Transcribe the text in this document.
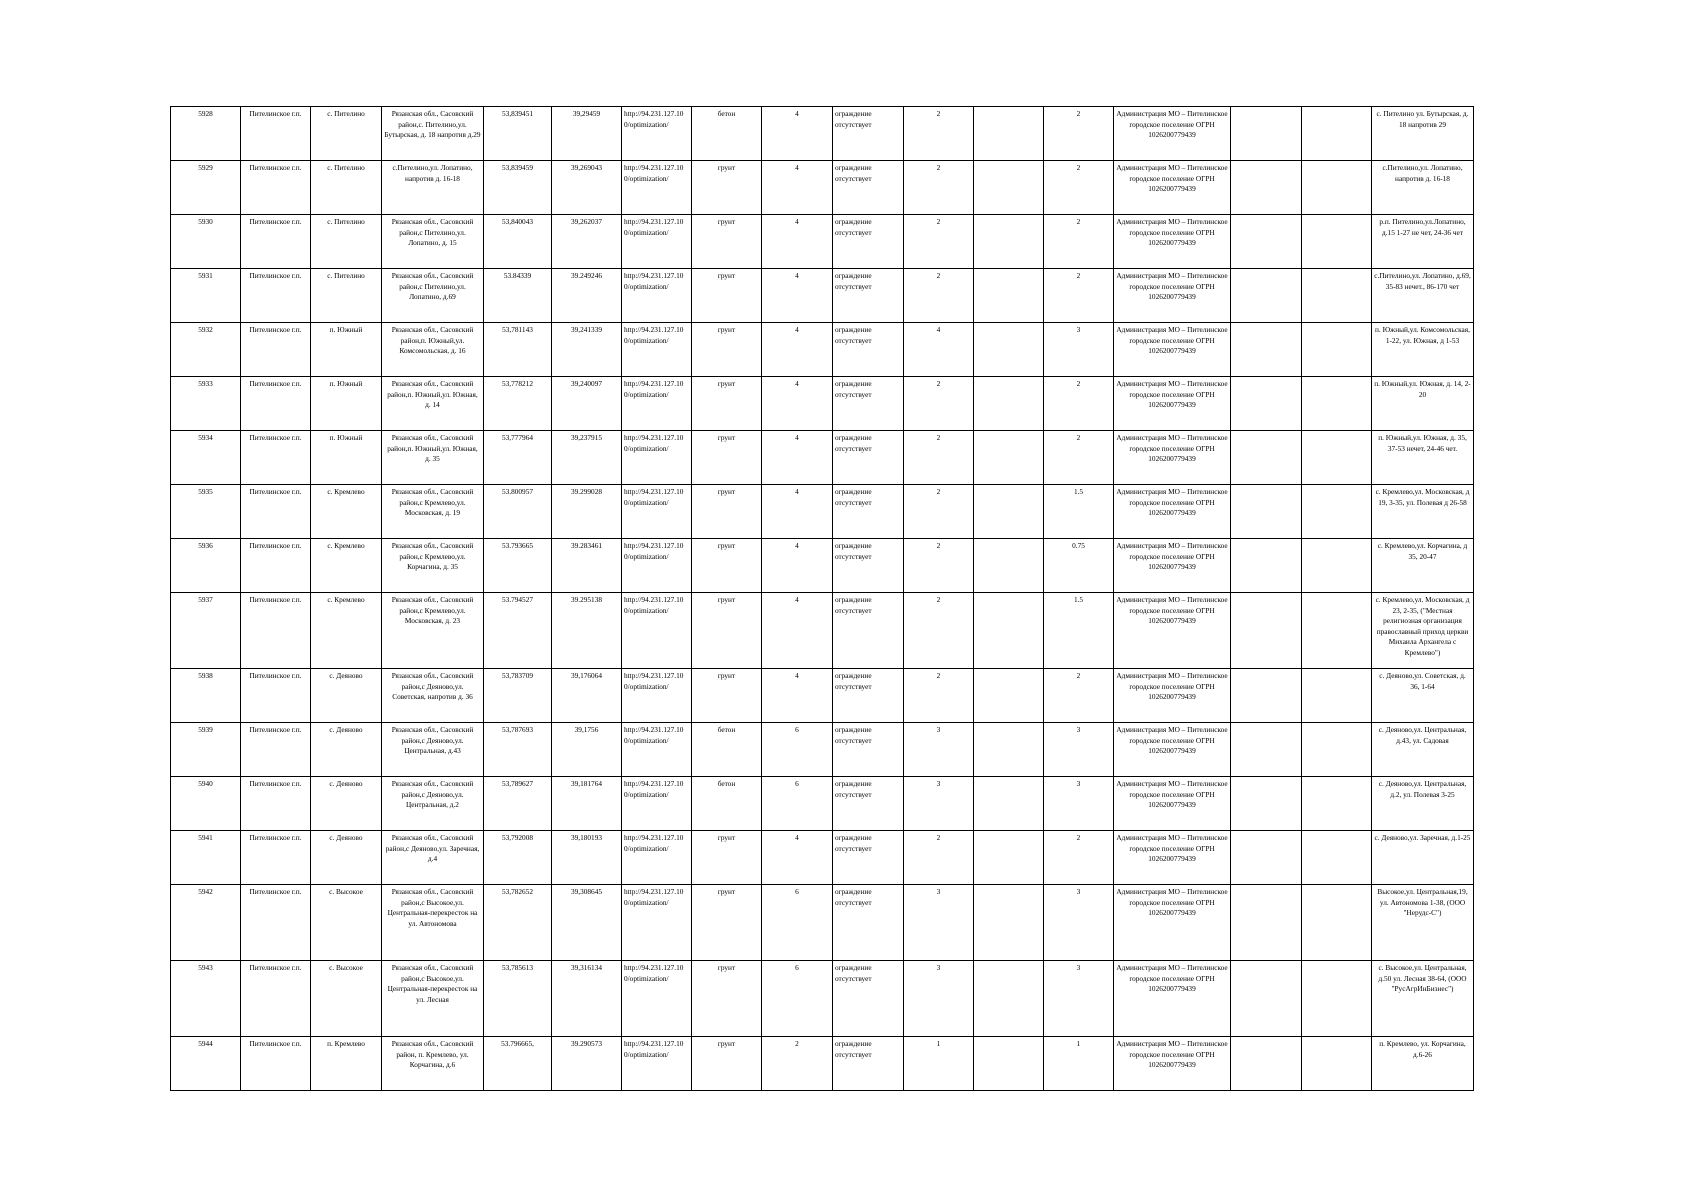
5928	Пителинское г.п.	с. Пителино	Рязанская обл., Сасовский район,с. Пителино,ул. Бутырская, д. 18 напротив д.29	53,839451	39,29459	http://94.231.127.10 0/optimization/	бетон	4	ограждение отсутствует	2		2	Администрация МО – Пителинское городское поселение ОГРН 1026200779439			с. Пителино ул. Бутырская, д. 18 напротив 29
5929	Пителинское г.п.	с. Пителино	с.Пителино,ул. Лопатино, напротив д. 16-18	53,839459	39,269043	http://94.231.127.10 0/optimization/	грунт	4	ограждение отсутствует	2		2	Администрация МО – Пителинское городское поселение ОГРН 1026200779439			с.Пителино,ул. Лопатино, напротив д. 16-18
5930	Пителинское г.п.	с. Пителино	Рязанская обл., Сасовский район,с Пителино,ул. Лопатино, д. 15	53,840043	39,262037	http://94.231.127.10 0/optimization/	грунт	4	ограждение отсутствует	2		2	Администрация МО – Пителинское городское поселение ОГРН 1026200779439			р.п. Пителино,ул.Лопатино, д.15 1-27 не чет, 24-36 чет
5931	Пителинское г.п.	с. Пителино	Рязанская обл., Сасовский район,с Пителино,ул. Лопатино, д.69	53.84339	39.249246	http://94.231.127.10 0/optimization/	грунт	4	ограждение отсутствует	2		2	Администрация МО – Пителинское городское поселение ОГРН 1026200779439			с.Пителино,ул. Лопатино, д.69, 35-83 нечет., 86-170 чет
5932	Пителинское г.п.	п. Южный	Рязанская обл., Сасовский район,п. Южный,ул. Комсомольская, д. 16	53,781143	39,241339	http://94.231.127.10 0/optimization/	грунт	4	ограждение отсутствует	4		3	Администрация МО – Пителинское городское поселение ОГРН 1026200779439			п. Южный,ул. Комсомольская, 1-22, ул. Южная, д 1-53
5933	Пителинское г.п.	п. Южный	Рязанская обл., Сасовский район,п. Южный,ул. Южная, д. 14	53,778212	39,240097	http://94.231.127.10 0/optimization/	грунт	4	ограждение отсутствует	2		2	Администрация МО – Пителинское городское поселение ОГРН 1026200779439			п. Южный,ул. Южная, д. 14, 2-20
5934	Пителинское г.п.	п. Южный	Рязанская обл., Сасовский район,п. Южный,ул. Южная, д. 35	53,777964	39,237915	http://94.231.127.10 0/optimization/	грунт	4	ограждение отсутствует	2		2	Администрация МО – Пителинское городское поселение ОГРН 1026200779439			п. Южный,ул. Южная, д. 35, 37-53 нечет, 24-46 чет.
5935	Пителинское г.п.	с. Кремлево	Рязанская обл., Сасовский район,с Кремлево,ул. Московская, д. 19	53.800957	39.299028	http://94.231.127.10 0/optimization/	грунт	4	ограждение отсутствует	2		1.5	Администрация МО – Пителинское городское поселение ОГРН 1026200779439			с. Кремлево,ул. Московская, д 19, 3-35, ул. Полевая д 26-58
5936	Пителинское г.п.	с. Кремлево	Рязанская обл., Сасовский район,с Кремлево,ул. Корчагина, д. 35	53.793665	39.283461	http://94.231.127.10 0/optimization/	грунт	4	ограждение отсутствует	2		0.75	Администрация МО – Пителинское городское поселение ОГРН 1026200779439			с. Кремлево,ул. Корчагина, д 35, 20-47
5937	Пителинское г.п.	с. Кремлево	Рязанская обл., Сасовский район,с Кремлево,ул. Московская, д. 23	53.794527	39.295138	http://94.231.127.10 0/optimization/	грунт	4	ограждение отсутствует	2		1.5	Администрация МО – Пителинское городское поселение ОГРН 1026200779439			с. Кремлево,ул. Московская, д 23, 2-35, ("Местная религиозная организация православный приход церкви Михаила Архангела с Кремлево")
5938	Пителинское г.п.	с. Деяново	Рязанская обл., Сасовский район,с Деяново,ул. Советская, напротив д. 36	53,783709	39,176064	http://94.231.127.10 0/optimization/	грунт	4	ограждение отсутствует	2		2	Администрация МО – Пителинское городское поселение ОГРН 1026200779439			с. Деяново,ул. Советская, д. 36, 1-64
5939	Пителинское г.п.	с. Деяново	Рязанская обл., Сасовский район,с Деяново,ул. Центральная, д.43	53,787693	39,1756	http://94.231.127.10 0/optimization/	бетон	6	ограждение отсутствует	3		3	Администрация МО – Пителинское городское поселение ОГРН 1026200779439			с. Деяново,ул. Центральная, д.43, ул. Садовая
5940	Пителинское г.п.	с. Деяново	Рязанская обл., Сасовский район,с Деяново,ул. Центральная, д.2	53,789627	39,181764	http://94.231.127.10 0/optimization/	бетон	6	ограждение отсутствует	3		3	Администрация МО – Пителинское городское поселение ОГРН 1026200779439			с. Деяново,ул. Центральная, д.2, ул. Полевая 3-25
5941	Пителинское г.п.	с. Деяново	Рязанская обл., Сасовский район,с Деяново,ул. Заречная, д.4	53,792008	39,180193	http://94.231.127.10 0/optimization/	грунт	4	ограждение отсутствует	2		2	Администрация МО – Пителинское городское поселение ОГРН 1026200779439			с. Деяново,ул. Заречная, д.1-25
5942	Пителинское г.п.	с. Высокое	Рязанская обл., Сасовский район,с Высокое,ул. Центральная-перекресток на ул. Автономова	53,782652	39,308645	http://94.231.127.10 0/optimization/	грунт	6	ограждение отсутствует	3		3	Администрация МО – Пителинское городское поселение ОГРН 1026200779439			Высокое,ул. Центральная,19, ул. Автономова 1-38, (ООО "Нерудс-С")
5943	Пителинское г.п.	с. Высокое	Рязанская обл., Сасовский район,с Высокое,ул. Центральная-перекресток на ул. Лесная	53,785613	39,316134	http://94.231.127.10 0/optimization/	грунт	6	ограждение отсутствует	3		3	Администрация МО – Пителинское городское поселение ОГРН 1026200779439			с. Высокое,ул. Центральная, д.50 ул. Лесная 38-64, (ООО "РусАгрИнБизнес")
5944	Пителинское г.п.	п. Кремлево	Рязанская обл., Сасовский район, п. Кремлево, ул. Корчагина, д.6	53.796665,	39.290573	http://94.231.127.10 0/optimization/	грунт	2	ограждение отсутствует	1		1	Администрация МО – Пителинское городское поселение ОГРН 1026200779439			п. Кремлево, ул. Корчагина, д.6-26
